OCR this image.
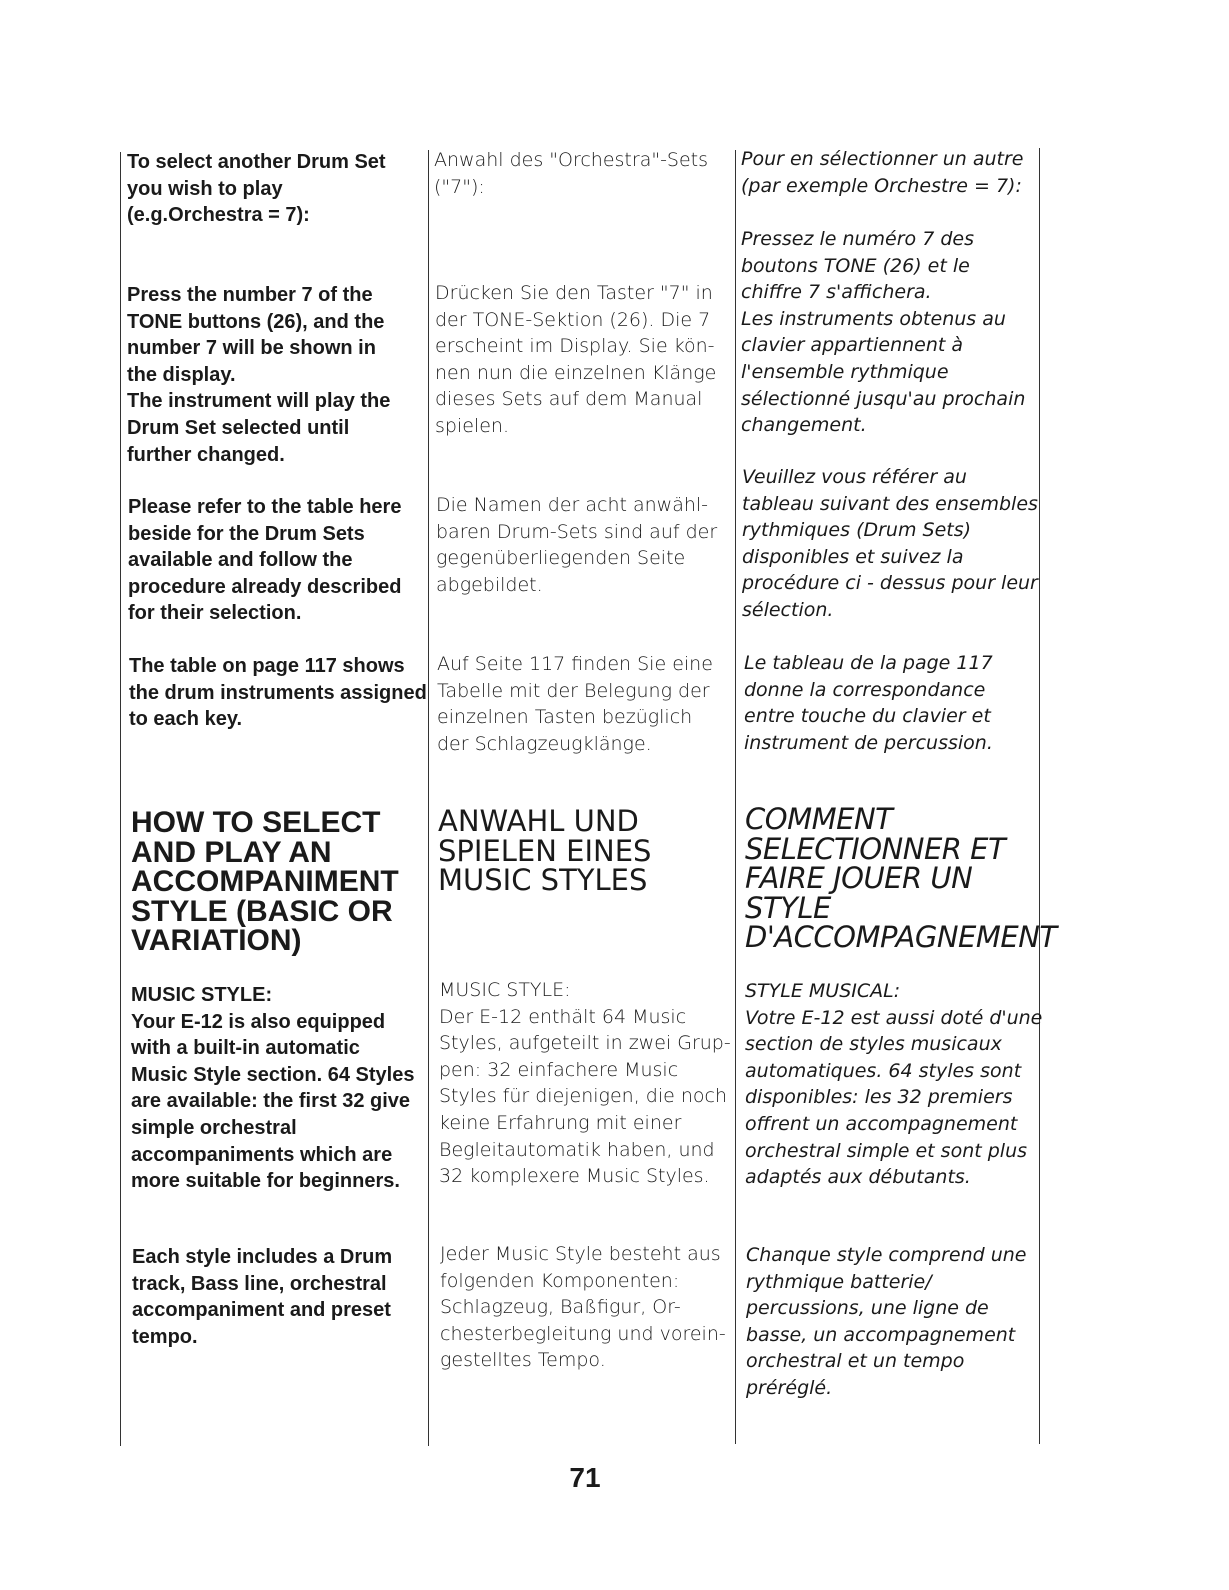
To select another Drum Set
you wish to play
(e.g.Orchestra = 7):

Press the number 7 of the
TONE buttons (26), and the
number 7 will be shown in
the display.
The instrument will play the
Drum Set selected until
further changed.

Please refer to the table here
beside for the Drum Sets
available and follow the
procedure already described
for their selection.

The table on page 117 shows
the drum instruments assigned
to each key.

HOW TO SELECT
AND PLAY AN
ACCOMPANIMENT
STYLE (BASIC OR
VARIATION)

MUSIC STYLE:
Your E-12 is also equipped
with a built-in automatic
Music Style section. 64 Styles
are available: the first 32 give
simple orchestral
accompaniments which are
more suitable for beginners.

Each style includes a Drum
track, Bass line, orchestral
accompaniment and preset
tempo.

Anwahl des "Orchestra"-Sets
("7"):

Drücken Sie den Taster "7" in
der TONE-Sektion (26). Die 7
erscheint im Display. Sie kön-
nen nun die einzelnen Klänge
dieses Sets auf dem Manual
spielen.

Die Namen der acht anwähl-
baren Drum-Sets sind auf der
gegenüberliegenden Seite
abgebildet.

Auf Seite 117 finden Sie eine
Tabelle mit der Belegung der
einzelnen Tasten bezüglich
der Schlagzeugklänge.

ANWAHL UND
SPIELEN EINES
MUSIC STYLES

MUSIC STYLE:
Der E-12 enthält 64 Music
Styles, aufgeteilt in zwei Grup-
pen: 32 einfachere Music
Styles für diejenigen, die noch
keine Erfahrung mit einer
Begleitautomatik haben, und
32 komplexere Music Styles.

Jeder Music Style besteht aus
folgenden Komponenten:
Schlagzeug, Baßfigur, Or-
chesterbegleitung und vorein-
gestelltes Tempo.

Pour en sélectionner un autre
(par exemple Orchestre = 7):

Pressez le numéro 7 des
boutons TONE (26) et le
chiffre 7 s'affichera.
Les instruments obtenus au
clavier appartiennent à
l'ensemble rythmique
sélectionné jusqu'au prochain
changement.

Veuillez vous référer au
tableau suivant des ensembles
rythmiques (Drum Sets)
disponibles et suivez la
procédure ci - dessus pour leur
sélection.

Le tableau de la page 117
donne la correspondance
entre touche du clavier et
instrument de percussion.

COMMENT
SELECTIONNER ET
FAIRE JOUER UN
STYLE
D'ACCOMPAGNEMENT

STYLE MUSICAL:
Votre E-12 est aussi doté d'une
section de styles musicaux
automatiques. 64 styles sont
disponibles: les 32 premiers
offrent un accompagnement
orchestral simple et sont plus
adaptés aux débutants.

Chanque style comprend une
rythmique batterie/
percussions, une ligne de
basse, un accompagnement
orchestral et un tempo
préréglé.

71
